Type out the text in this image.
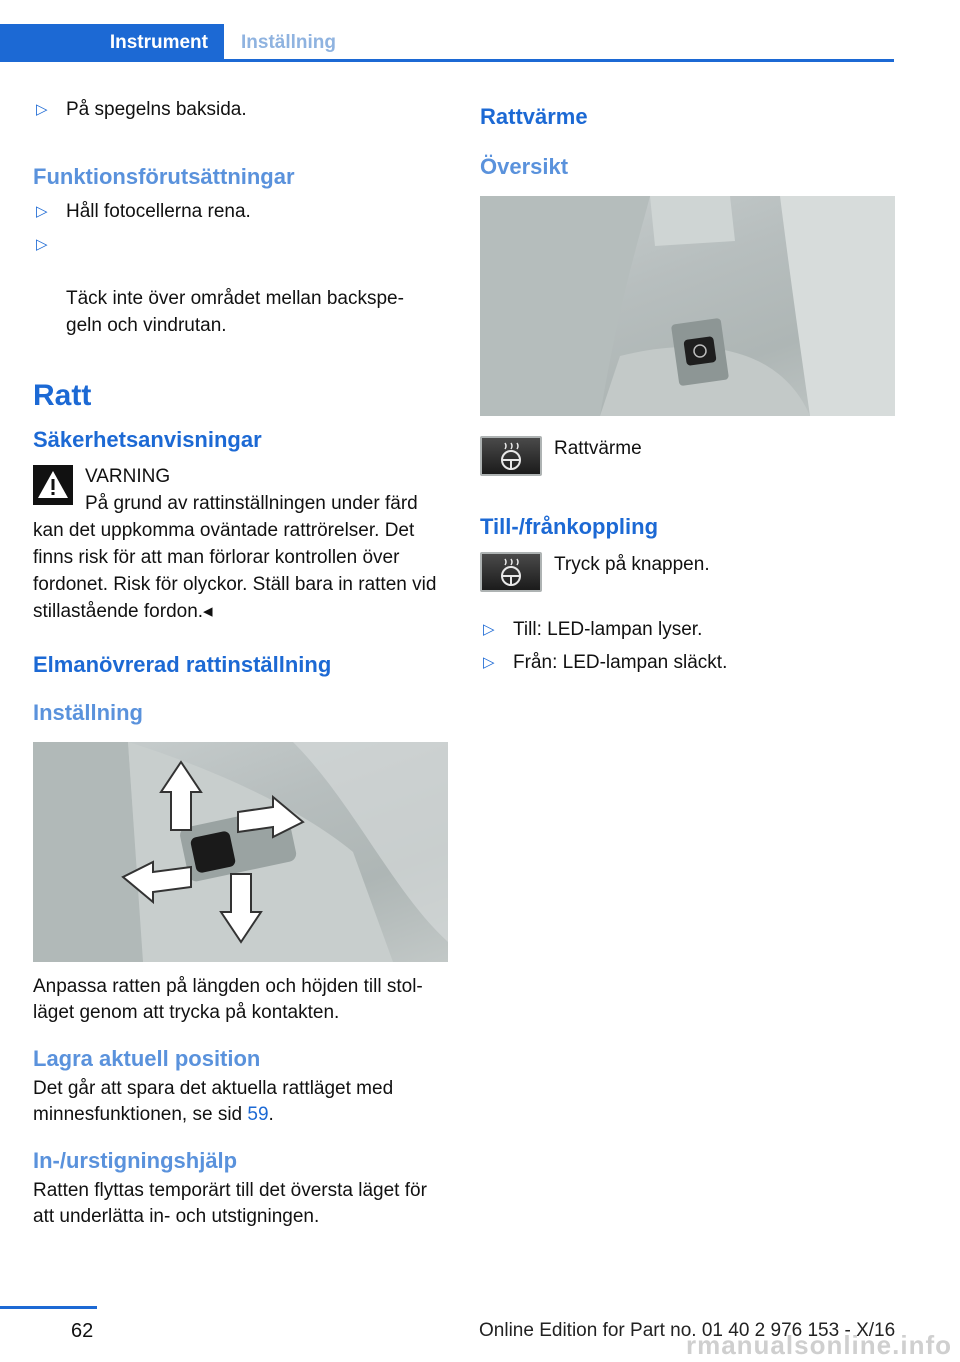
Instrument	Inställning
▷ På spegelns baksida.
Funktionsförutsättningar
▷ Håll fotocellerna rena.

▷

Täck inte över området mellan backspe‐
geln och vindrutan.

Ratt
Säkerhetsanvisningar
VARNING

På grund av rattinställningen under färd kan det uppkomma oväntade rattrörelser. Det finns risk för att man förlorar kontrollen över fordonet. Risk för olyckor. Ställ bara in ratten vid stillastående fordon.◂

Elmanövrerad rattinställning
Inställning

Anpassa ratten på längden och höjden till stol‐
läget genom att trycka på kontakten.

Lagra aktuell position

Det går att spara det aktuella rattläget med minnesfunktionen, se sid 59.

In-/urstigningshjälp

Ratten flyttas temporärt till det översta läget för att underlätta in- och utstigningen.

Rattvärme
Översikt
Rattvärme
Till-/frånkoppling
Tryck på knappen.
▷ Till: LED-lampan lyser.
▷ Från: LED-lampan släckt.
62	Online Edition for Part no. 01 40 2 976 153 - X/16
rmanualsonline.info
